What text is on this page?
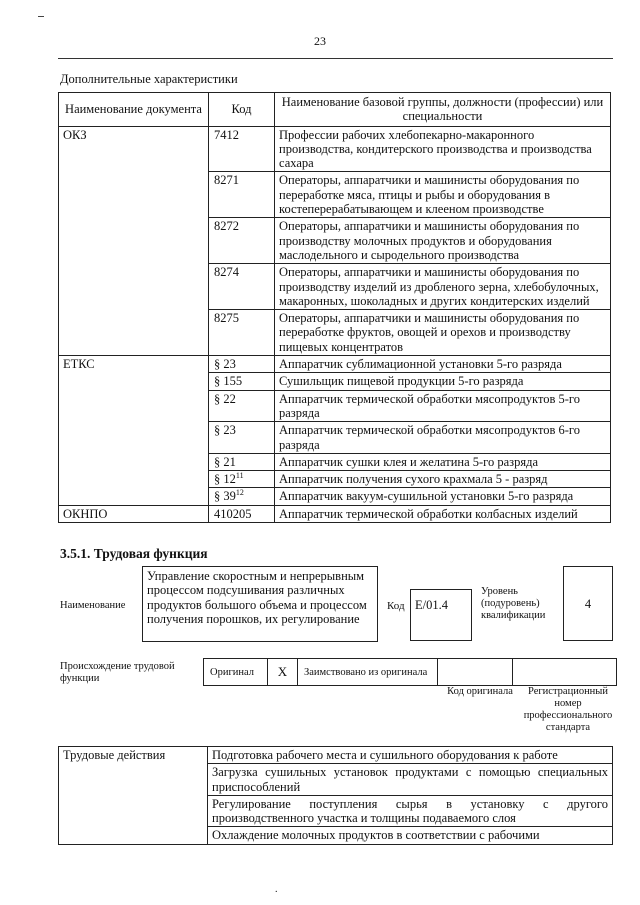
23
Дополнительные характеристики
Наименование документа	Код	Наименование базовой группы, должности (профессии) или специальности
ОКЗ	7412	Профессии рабочих хлебопекарно-макаронного производства, кондитерского производства и производства сахара
	8271	Операторы, аппаратчики и машинисты оборудования по переработке мяса, птицы и рыбы и оборудования в костеперерабатывающем и клееном производстве
	8272	Операторы, аппаратчики и машинисты оборудования по производству молочных продуктов и оборудования маслодельного и сыродельного производства
	8274	Операторы, аппаратчики и машинисты оборудования по производству изделий из дробленого зерна, хлебобулочных, макаронных, шоколадных и других кондитерских изделий
	8275	Операторы, аппаратчики и машинисты оборудования по переработке фруктов, овощей и орехов и производству пищевых концентратов
ЕТКС	§ 23	Аппаратчик сублимационной установки 5-го разряда
	§ 155	Сушильщик пищевой продукции 5-го разряда
	§ 22	Аппаратчик термической обработки мясопродуктов 5-го разряда
	§ 23	Аппаратчик термической обработки мясопродуктов 6-го разряда
	§ 21	Аппаратчик сушки клея и желатина 5-го разряда
	§ $12^{11}$	Аппаратчик получения сухого крахмала 5 - разряд
	§ $39^{12}$	Аппаратчик вакуум-сушильной установки 5-го разряда
ОКНПО	410205	Аппаратчик термической обработки колбасных изделий
3.5.1. Трудовая функция
Наименование
Управление скоростным и непрерывным процессом подсушивания различных продуктов большого объема и процессом получения порошков, их регулирование
Код E/01.4
Уровень (подуровень) квалификации
4
Происхождение трудовой функции
Оригинал	X	Заимствовано из оригинала
Код оригинала	Регистрационный номер профессионального стандарта
Трудовые действия	Подготовка рабочего места и сушильного оборудования к работе
Загрузка сушильных установок продуктами с помощью специальных приспособлений
Регулирование поступления сырья в установку с другого производственного участка и толщины подаваемого слоя
Охлаждение молочных продуктов в соответствии с рабочими
.
